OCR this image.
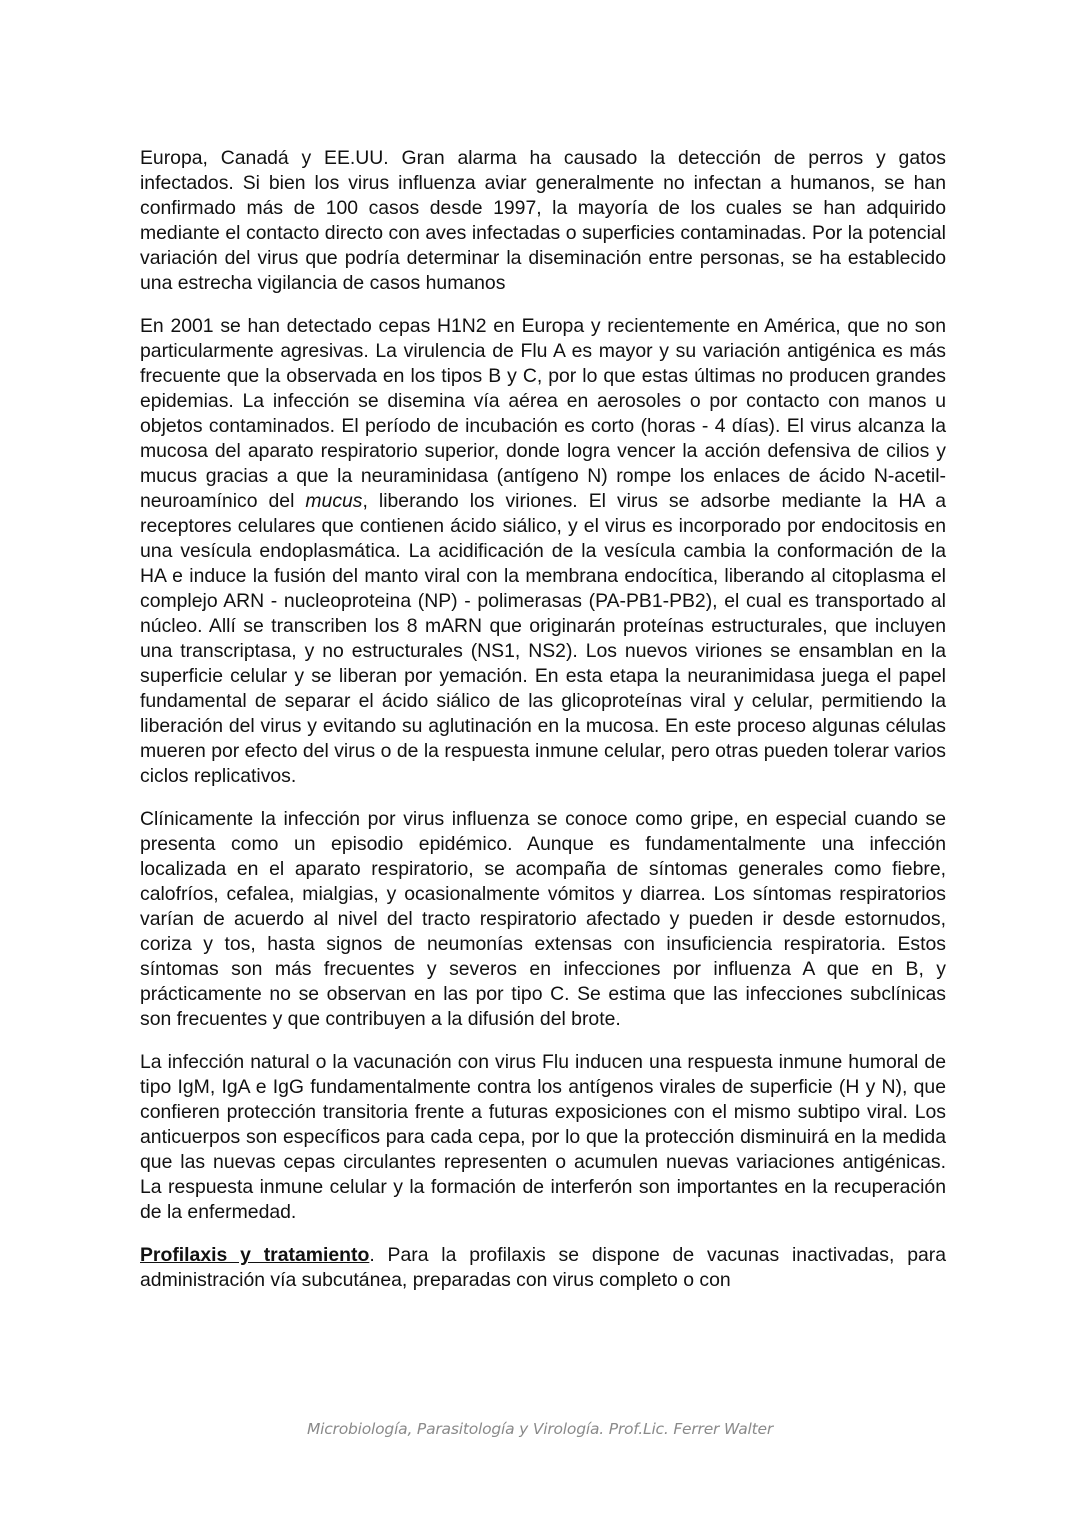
Europa, Canadá y EE.UU. Gran alarma ha causado la detección de perros y gatos infectados. Si bien los virus influenza aviar generalmente no infectan a humanos, se han confirmado más de 100 casos desde 1997, la mayoría de los cuales se han adquirido mediante el contacto directo con aves infectadas o superficies contaminadas. Por la potencial variación del virus que podría determinar la diseminación entre personas, se ha establecido una estrecha vigilancia de casos humanos

En 2001 se han detectado cepas H1N2 en Europa y recientemente en América, que no son particularmente agresivas. La virulencia de Flu A es mayor y su variación antigénica es más frecuente que la observada en los tipos B y C, por lo que estas últimas no producen grandes epidemias. La infección se disemina vía aérea en aerosoles o por contacto con manos u objetos contaminados. El período de incubación es corto (horas - 4 días). El virus alcanza la mucosa del aparato respiratorio superior, donde logra vencer la acción defensiva de cilios y mucus gracias a que la neuraminidasa (antígeno N) rompe los enlaces de ácido N-acetil-neuroamínico del mucus, liberando los viriones. El virus se adsorbe mediante la HA a receptores celulares que contienen ácido siálico, y el virus es incorporado por endocitosis en una vesícula endoplasmática. La acidificación de la vesícula cambia la conformación de la HA e induce la fusión del manto viral con la membrana endocítica, liberando al citoplasma el complejo ARN - nucleoproteina (NP) - polimerasas (PA-PB1-PB2), el cual es transportado al núcleo. Allí se transcriben los 8 mARN que originarán proteínas estructurales, que incluyen una transcriptasa, y no estructurales (NS1, NS2). Los nuevos viriones se ensamblan en la superficie celular y se liberan por yemación. En esta etapa la neuranimidasa juega el papel fundamental de separar el ácido siálico de las glicoproteínas viral y celular, permitiendo la liberación del virus y evitando su aglutinación en la mucosa. En este proceso algunas células mueren por efecto del virus o de la respuesta inmune celular, pero otras pueden tolerar varios ciclos replicativos.

Clínicamente la infección por virus influenza se conoce como gripe, en especial cuando se presenta como un episodio epidémico. Aunque es fundamentalmente una infección localizada en el aparato respiratorio, se acompaña de síntomas generales como fiebre, calofríos, cefalea, mialgias, y ocasionalmente vómitos y diarrea. Los síntomas respiratorios varían de acuerdo al nivel del tracto respiratorio afectado y pueden ir desde estornudos, coriza y tos, hasta signos de neumonías extensas con insuficiencia respiratoria. Estos síntomas son más frecuentes y severos en infecciones por influenza A que en B, y prácticamente no se observan en las por tipo C. Se estima que las infecciones subclínicas son frecuentes y que contribuyen a la difusión del brote.

La infección natural o la vacunación con virus Flu inducen una respuesta inmune humoral de tipo IgM, IgA e IgG fundamentalmente contra los antígenos virales de superficie (H y N), que confieren protección transitoria frente a futuras exposiciones con el mismo subtipo viral. Los anticuerpos son específicos para cada cepa, por lo que la protección disminuirá en la medida que las nuevas cepas circulantes representen o acumulen nuevas variaciones antigénicas. La respuesta inmune celular y la formación de interferón son importantes en la recuperación de la enfermedad.

Profilaxis y tratamiento. Para la profilaxis se dispone de vacunas inactivadas, para administración vía subcutánea, preparadas con virus completo o con

Microbiología, Parasitología y Virología. Prof.Lic. Ferrer Walter
